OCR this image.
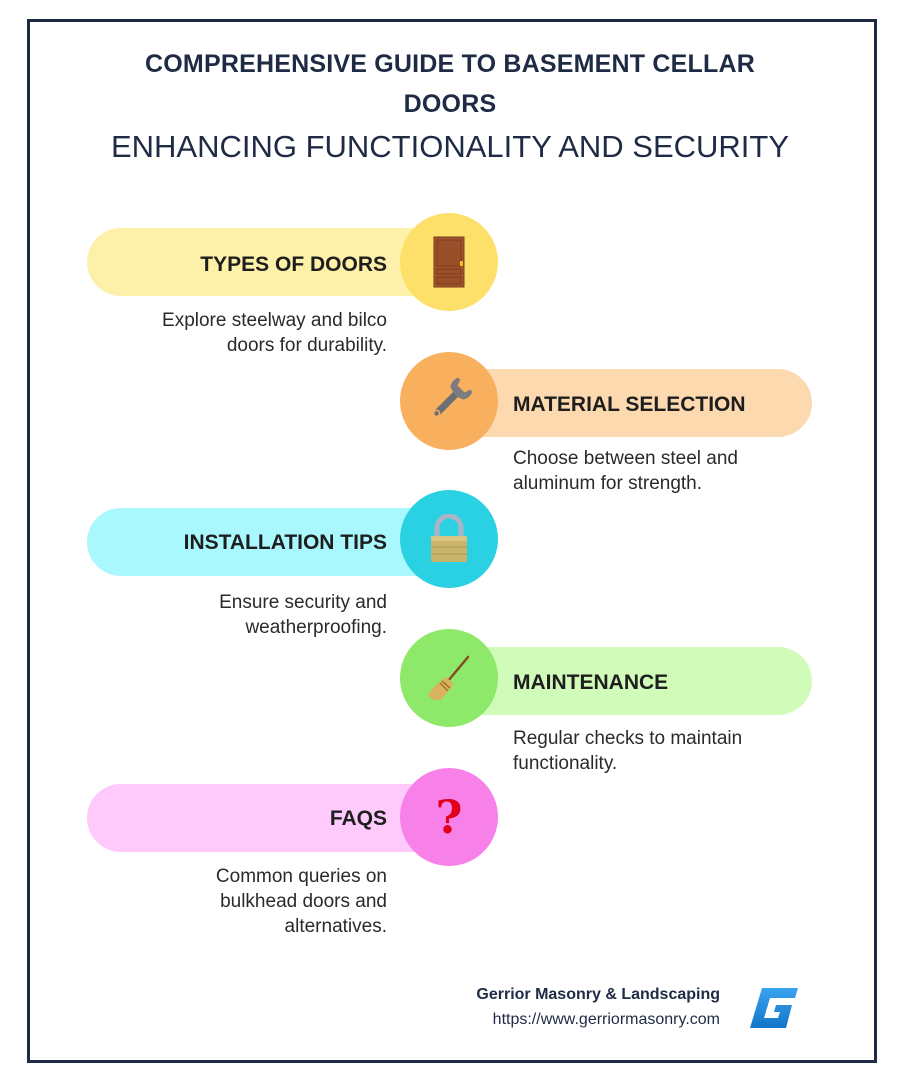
COMPREHENSIVE GUIDE TO BASEMENT CELLAR
DOORS
ENHANCING FUNCTIONALITY AND SECURITY
TYPES OF DOORS
Explore steelway and bilco
doors for durability.
MATERIAL SELECTION
Choose between steel and
aluminum for strength.
INSTALLATION TIPS
Ensure security and
weatherproofing.
MAINTENANCE
Regular checks to maintain
functionality.
?
FAQS
Common queries on
bulkhead doors and
alternatives.
Gerrior Masonry & Landscaping
https://www.gerriormasonry.com
